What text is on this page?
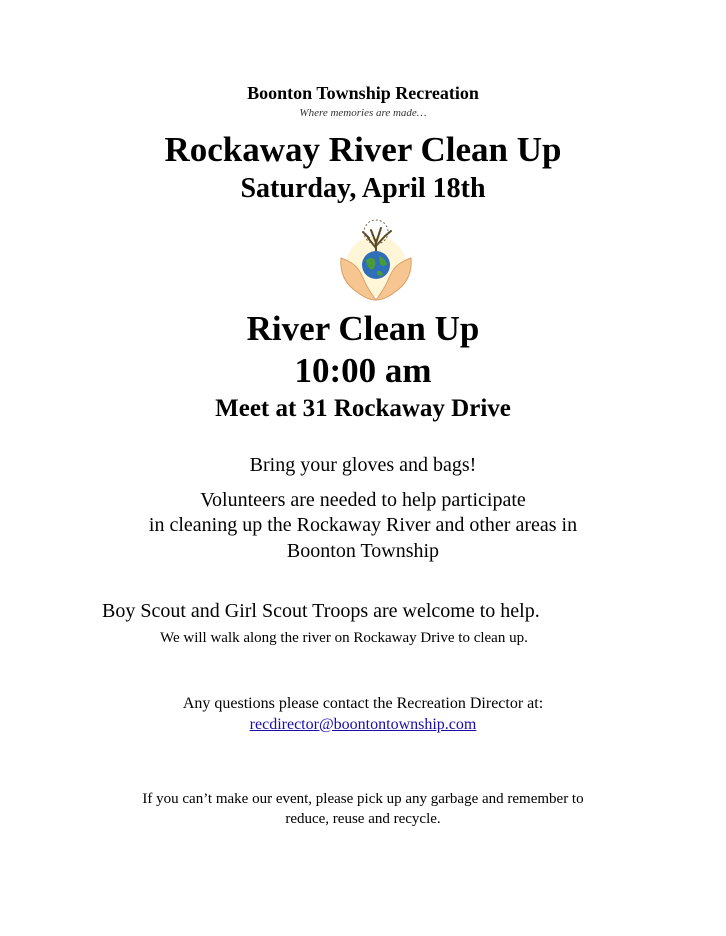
Boonton Township Recreation
Where memories are made…
Rockaway River Clean Up
Saturday, April 18th
River Clean Up
10:00 am
Meet at 31 Rockaway Drive
Bring your gloves and bags!
Volunteers are needed to help participate
in cleaning up the Rockaway River and other areas in
Boonton Township
Boy Scout and Girl Scout Troops are welcome to help.
We will walk along the river on Rockaway Drive to clean up.
Any questions please contact the Recreation Director at:
recdirector@boontontownship.com
If you can’t make our event, please pick up any garbage and remember to
reduce, reuse and recycle.
